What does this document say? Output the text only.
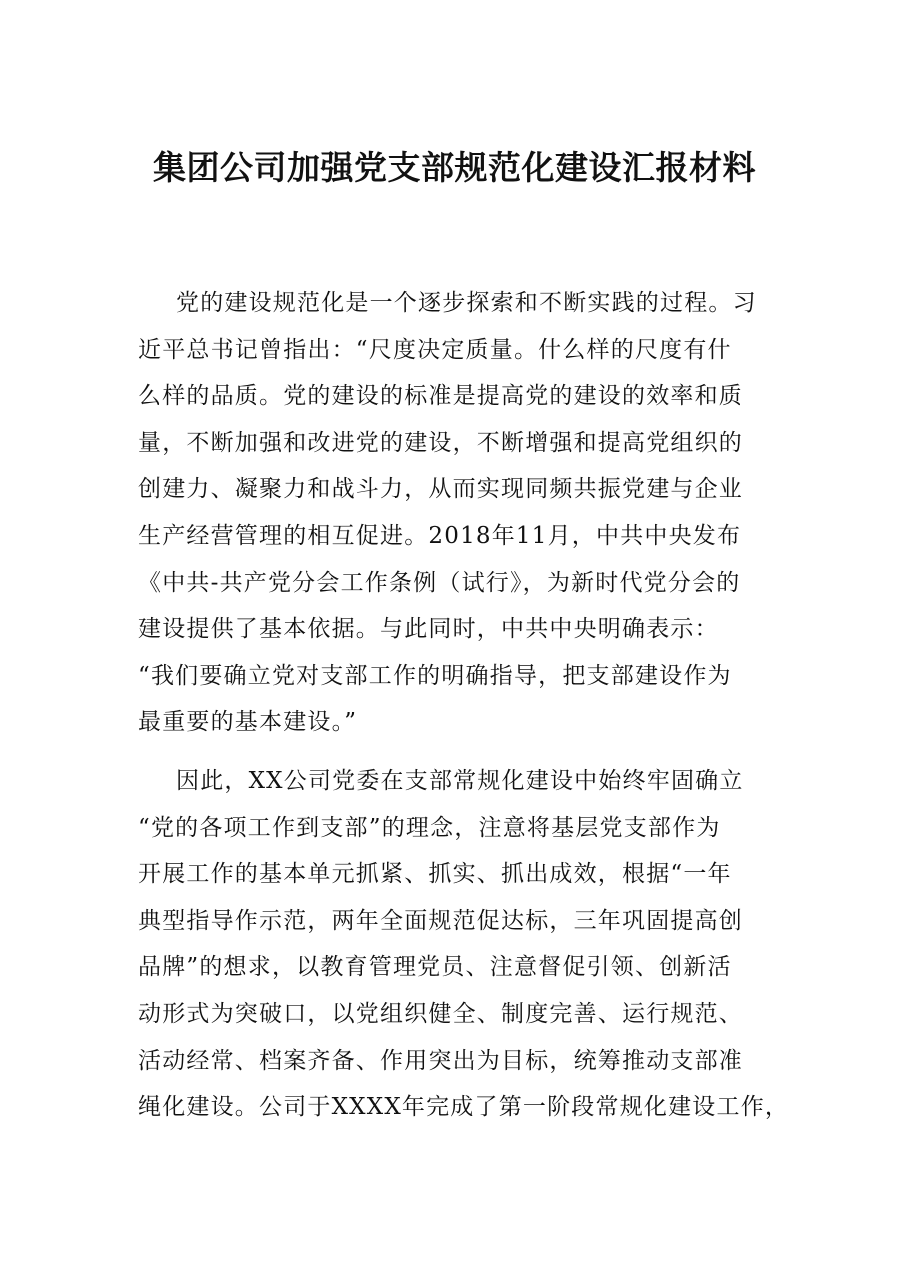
集团公司加强党支部规范化建设汇报材料
党的建设规范化是一个逐步探索和不断实践的过程。习
近平总书记曾指出：“尺度决定质量。什么样的尺度有什
么样的品质。党的建设的标准是提高党的建设的效率和质
量，不断加强和改进党的建设，不断增强和提高党组织的
创建力、凝聚力和战斗力，从而实现同频共振党建与企业
生产经营管理的相互促进。2018年11月，中共中央发布
《中共-共产党分会工作条例（试行》，为新时代党分会的
建设提供了基本依据。与此同时，中共中央明确表示：
“我们要确立党对支部工作的明确指导，把支部建设作为
最重要的基本建设。”
因此，XX公司党委在支部常规化建设中始终牢固确立
“党的各项工作到支部”的理念，注意将基层党支部作为
开展工作的基本单元抓紧、抓实、抓出成效，根据“一年
典型指导作示范，两年全面规范促达标，三年巩固提高创
品牌”的想求，以教育管理党员、注意督促引领、创新活
动形式为突破口，以党组织健全、制度完善、运行规范、
活动经常、档案齐备、作用突出为目标，统筹推动支部准
绳化建设。公司于XXXX年完成了第一阶段常规化建设工作，
